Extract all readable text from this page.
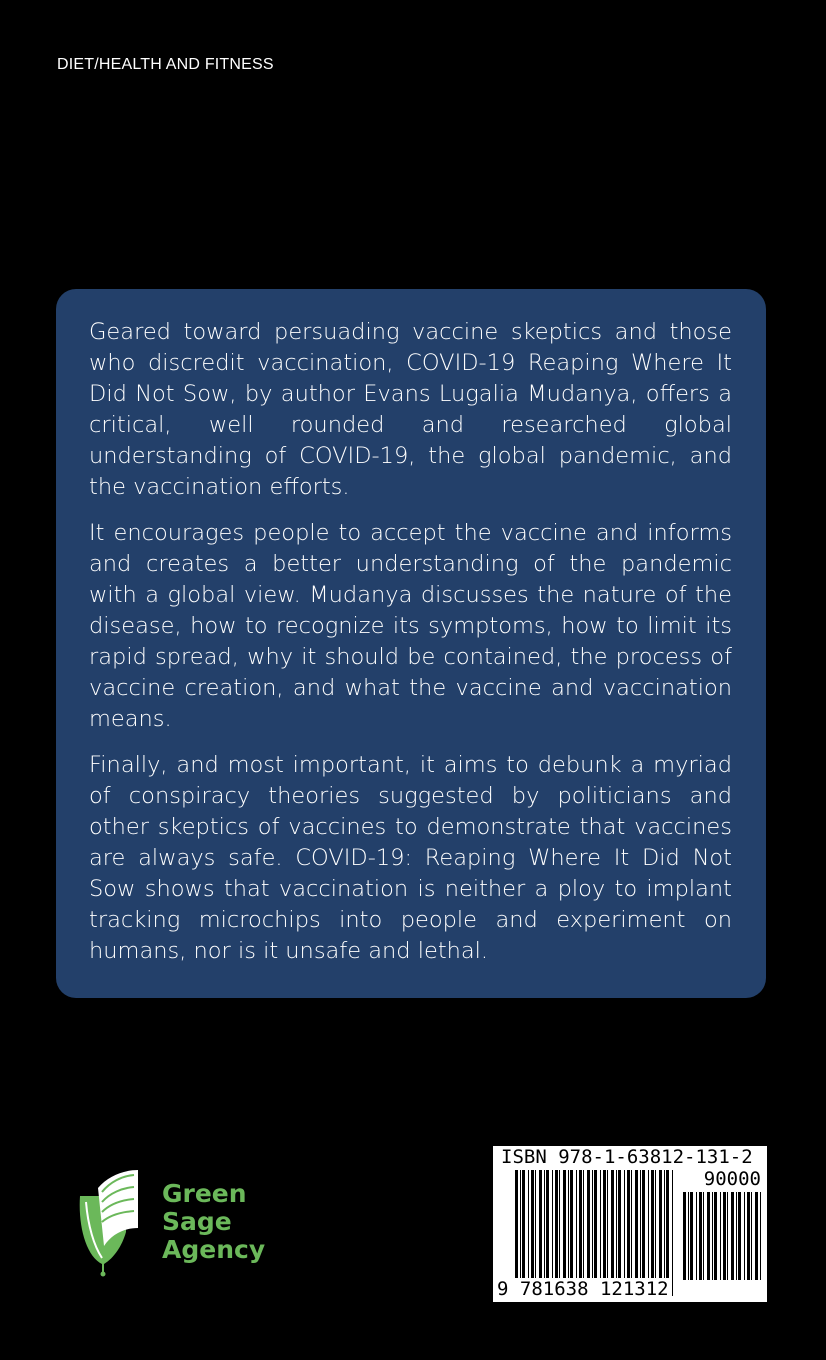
DIET/HEALTH AND FITNESS

Geared toward persuading vaccine skeptics and those who discredit vaccination, COVID-19 Reaping Where It Did Not Sow, by author Evans Lugalia Mudanya, offers a critical, well rounded and researched global understanding of COVID-19, the global pandemic, and the vaccination efforts.

It encourages people to accept the vaccine and informs and creates a better understanding of the pandemic with a global view. Mudanya discusses the nature of the disease, how to recognize its symptoms, how to limit its rapid spread, why it should be contained, the process of vaccine creation, and what the vaccine and vaccination means.

Finally, and most important, it aims to debunk a myriad of conspiracy theories suggested by politicians and other skeptics of vaccines to demonstrate that vaccines are always safe. COVID-19: Reaping Where It Did Not Sow shows that vaccination is neither a ploy to implant tracking microchips into people and experiment on humans, nor is it unsafe and lethal.

Green
Sage
Agency
ISBN 978-1-63812-131-2
90000
9 781638 121312
